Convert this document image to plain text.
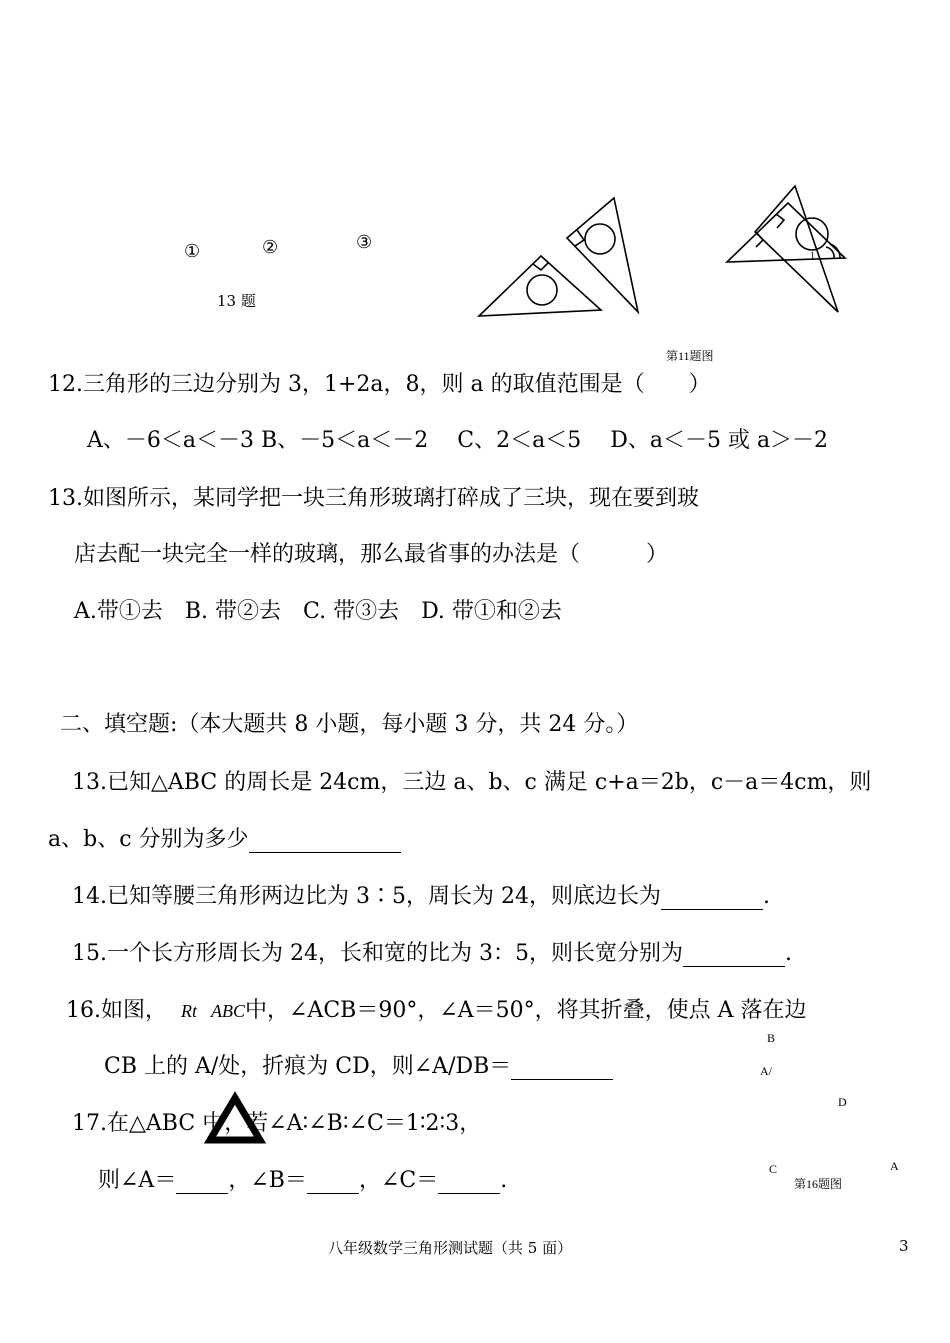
①	②	③
13 题
1
第11题图
12.三角形的三边分别为 3，1+2a，8，则 a 的取值范围是（　　）
A、－6＜a＜－3 B、－5＜a＜－2　 C、2＜a＜5　 D、a＜－5 或 a＞－2
13.如图所示，某同学把一块三角形玻璃打碎成了三块，现在要到玻
店去配一块完全一样的玻璃，那么最省事的办法是（　　　）
A.带①去　B. 带②去　C. 带③去　D. 带①和②去
二、填空题:（本大题共 8 小题，每小题 3 分，共 24 分。）
13.已知△ABC 的周长是 24cm，三边 a、b、c 满足 c+a＝2b，c－a＝4cm，则
a、b、c 分别为多少
14.已知等腰三角形两边比为 3∶5，周长为 24，则底边长为	.
15.一个长方形周长为 24，长和宽的比为 3：5，则长宽分别为	.
16.如图， Rt ABC中，∠ACB＝90°，∠A＝50°，将其折叠，使点 A 落在边
CB 上的 A/处，折痕为 CD，则∠A/DB＝
B
A/
D
C	A
第16题图
17.在△ABC 中，若∠A∶∠B∶∠C＝1∶2∶3，
则∠A＝ ，∠B＝ ，∠C＝	.
八年级数学三角形测试题（共 5 面）	3
